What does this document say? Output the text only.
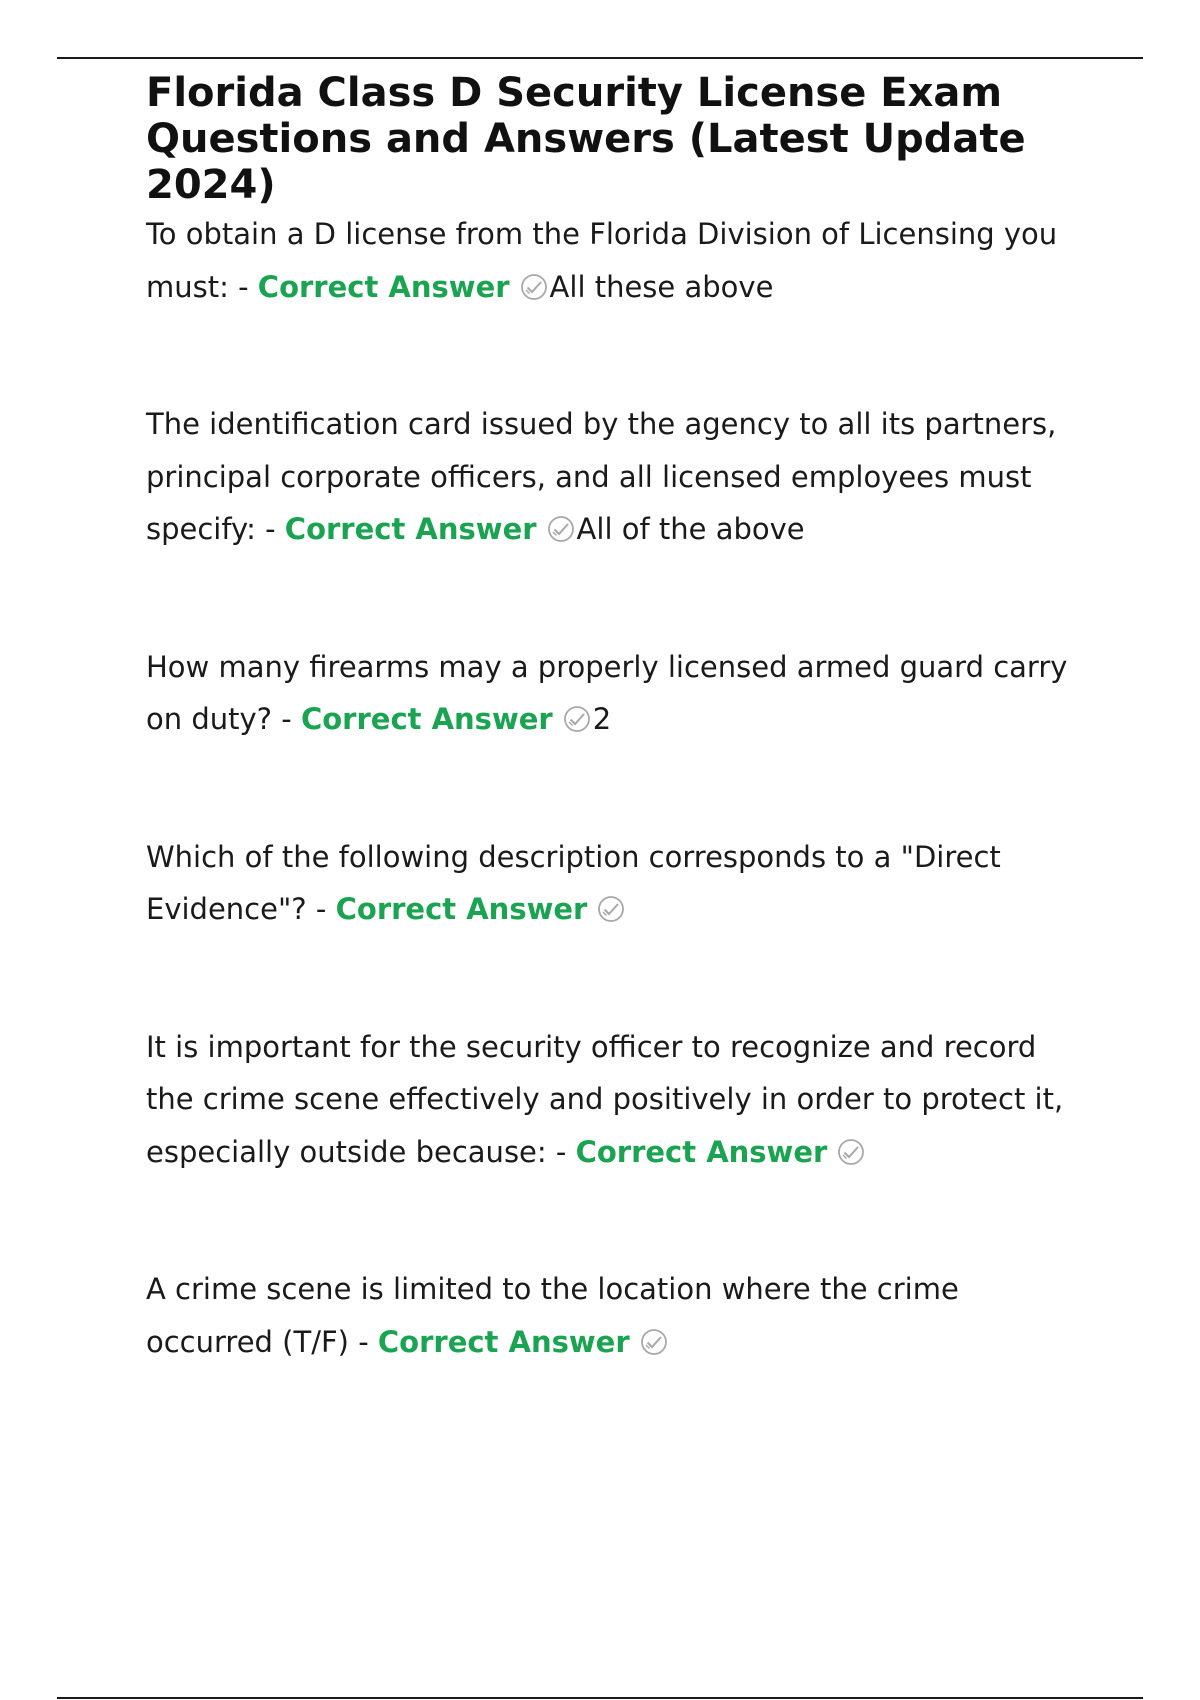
Florida Class D Security License Exam Questions and Answers (Latest Update 2024)

To obtain a D license from the Florida Division of Licensing you must: - Correct Answer All these above

The identification card issued by the agency to all its partners, principal corporate officers, and all licensed employees must specify: - Correct Answer All of the above

How many firearms may a properly licensed armed guard carry on duty? - Correct Answer 2

Which of the following description corresponds to a "Direct Evidence"? - Correct Answer

It is important for the security officer to recognize and record the crime scene effectively and positively in order to protect it, especially outside because: - Correct Answer

A crime scene is limited to the location where the crime occurred (T/F) - Correct Answer
